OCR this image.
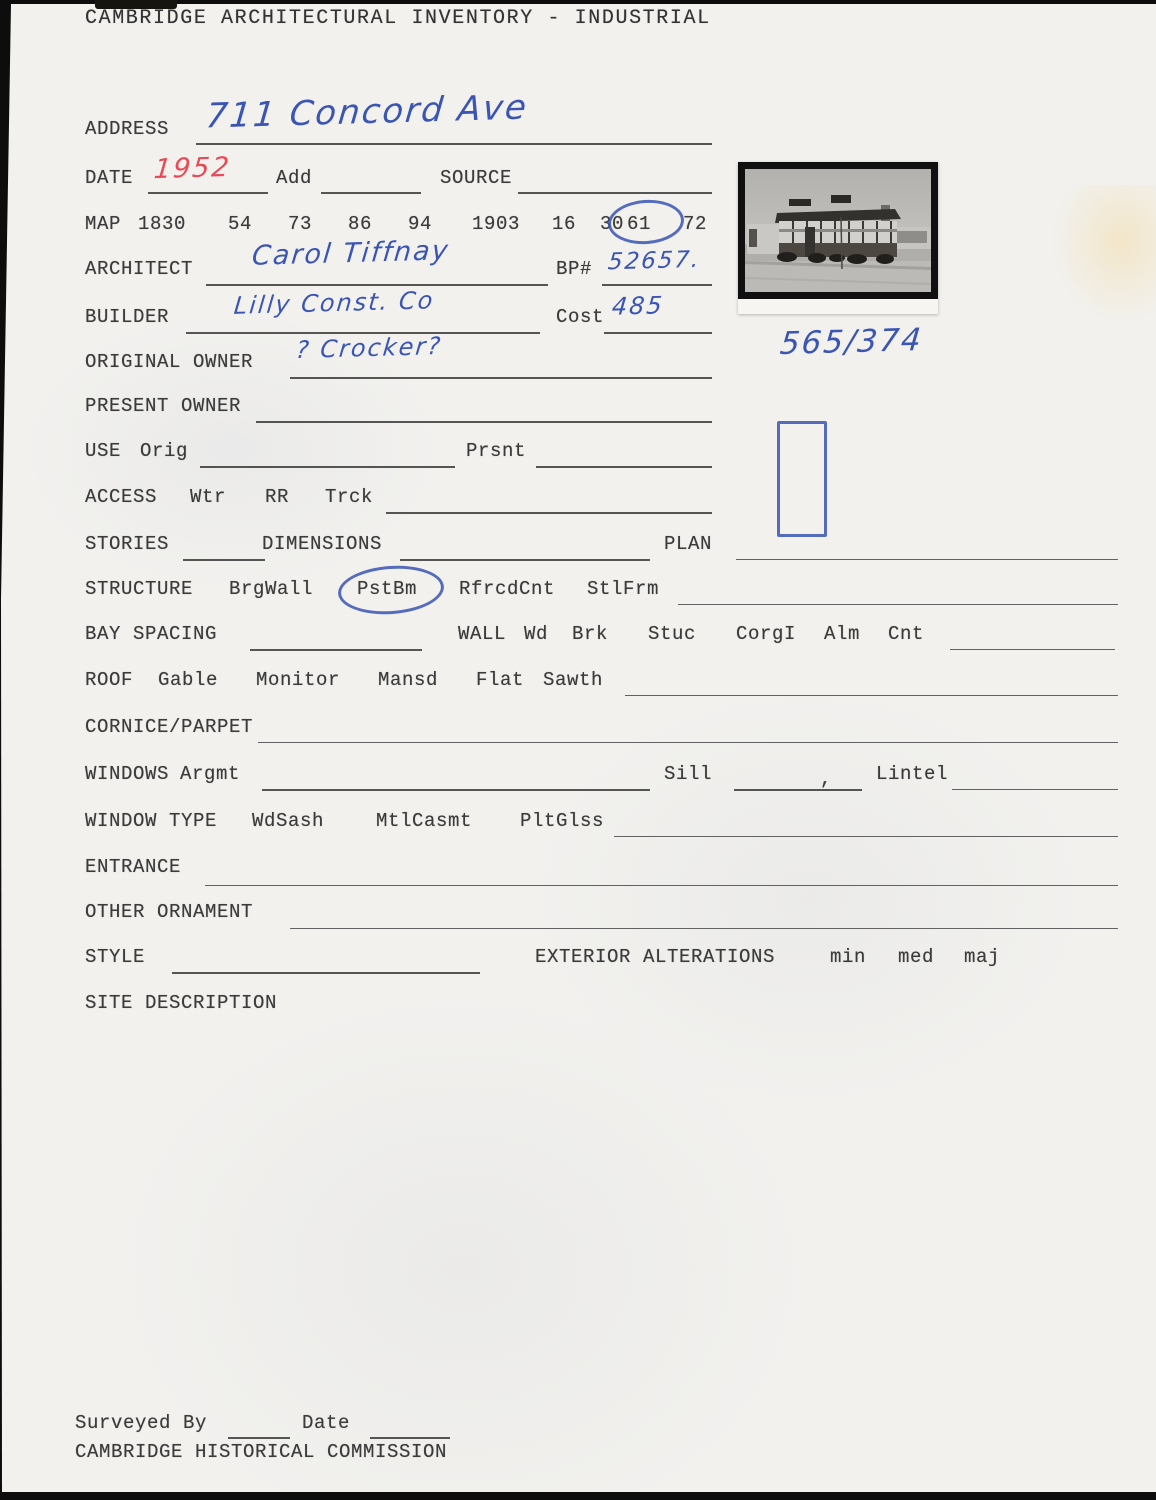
CAMBRIDGE ARCHITECTURAL INVENTORY - INDUSTRIAL
ADDRESS 711 Concord Ave
DATE 1952 Add	SOURCE
MAP 1830 54 73 86 94 1903 16 30 61 72
ARCHITECT Carol Tiffnay	BP# 52657.
BUILDER	Lilly Const. Co	Cost 485
ORIGINAL OWNER ? Crocker?
PRESENT OWNER
USE Orig	Prsnt
ACCESS Wtr RR Trck
STORIES	DIMENSIONS	PLAN
STRUCTURE BrgWall PstBm RfrcdCnt StlFrm
BAY SPACING	WALL Wd Brk Stuc CorgI Alm Cnt
ROOF Gable Monitor Mansd Flat Sawth
CORNICE/PARPET
WINDOWS Argmt	Sill	, Lintel
WINDOW TYPE WdSash	MtlCasmt	PltGlss
ENTRANCE
OTHER ORNAMENT
STYLE	EXTERIOR ALTERATIONS	min med maj
SITE DESCRIPTION
565/374
Surveyed By	Date
CAMBRIDGE HISTORICAL COMMISSION
